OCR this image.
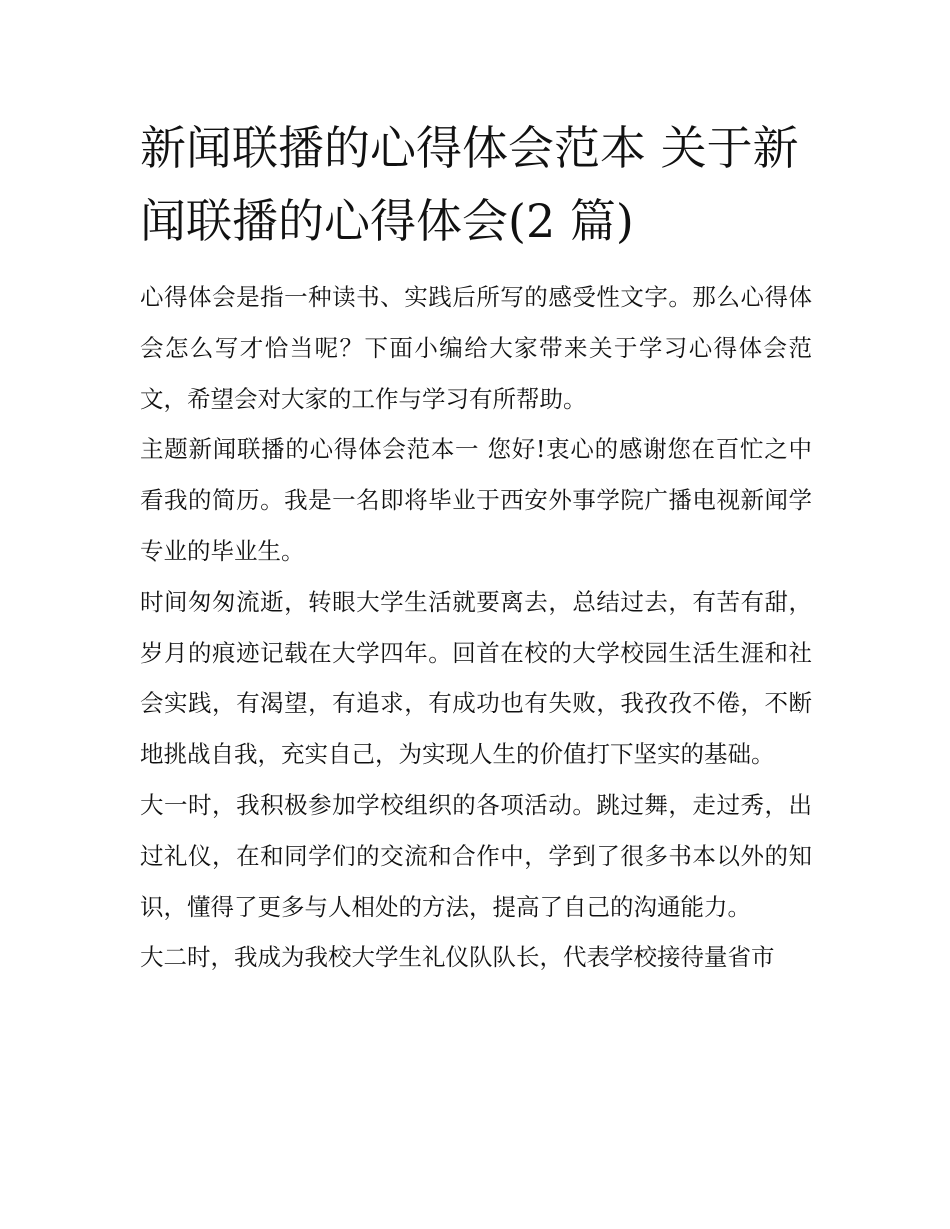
新闻联播的心得体会范本 关于新闻联播的心得体会(2 篇)

心得体会是指一种读书、实践后所写的感受性文字。那么心得体会怎么写才恰当呢？下面小编给大家带来关于学习心得体会范文，希望会对大家的工作与学习有所帮助。

主题新闻联播的心得体会范本一 您好!衷心的感谢您在百忙之中看我的简历。我是一名即将毕业于西安外事学院广播电视新闻学专业的毕业生。

时间匆匆流逝，转眼大学生活就要离去，总结过去，有苦有甜，岁月的痕迹记载在大学四年。回首在校的大学校园生活生涯和社会实践，有渴望，有追求，有成功也有失败，我孜孜不倦，不断地挑战自我，充实自己，为实现人生的价值打下坚实的基础。

大一时，我积极参加学校组织的各项活动。跳过舞，走过秀，出过礼仪，在和同学们的交流和合作中，学到了很多书本以外的知识，懂得了更多与人相处的方法，提高了自己的沟通能力。

大二时，我成为我校大学生礼仪队队长，代表学校接待量省市
